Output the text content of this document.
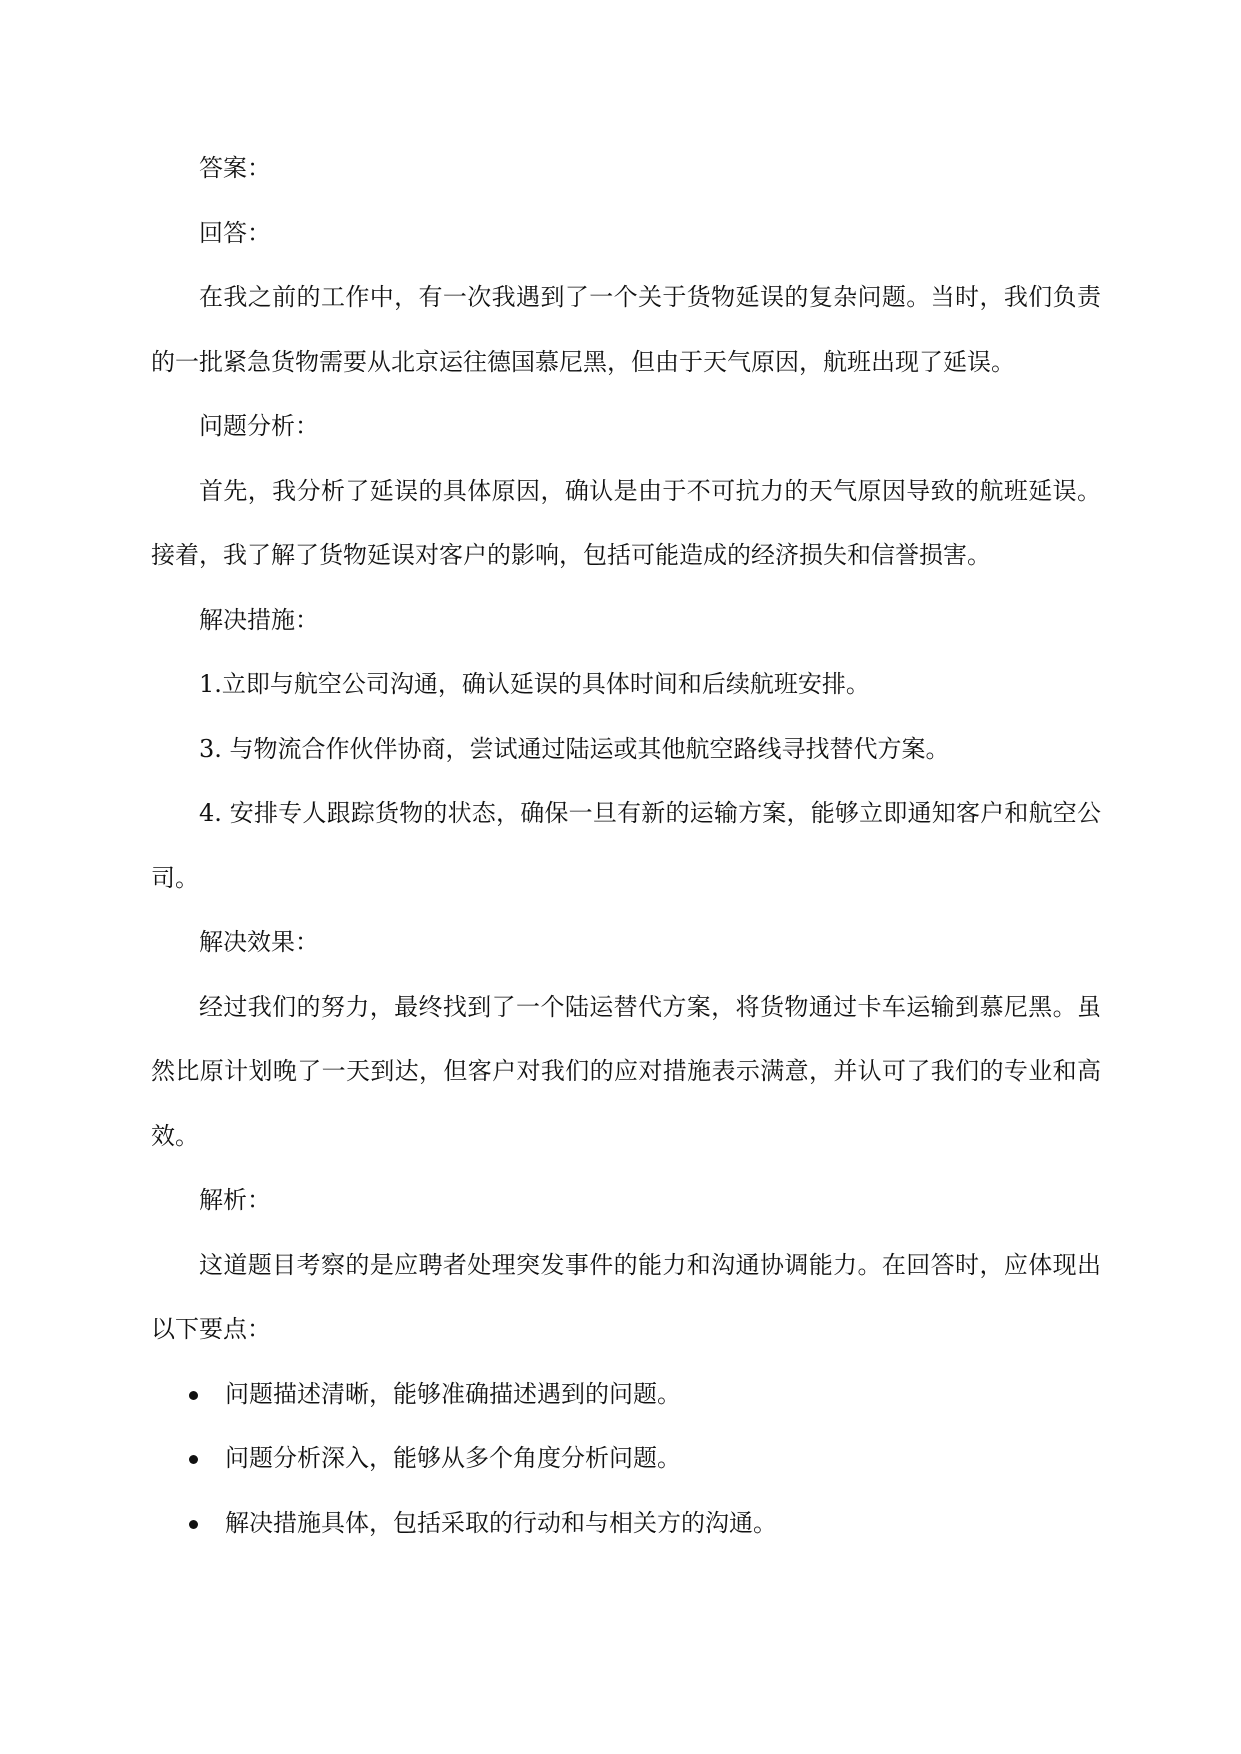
答案：

回答：

在我之前的工作中，有一次我遇到了一个关于货物延误的复杂问题。当时，我们负责的一批紧急货物需要从北京运往德国慕尼黑，但由于天气原因，航班出现了延误。

问题分析：

首先，我分析了延误的具体原因，确认是由于不可抗力的天气原因导致的航班延误。接着，我了解了货物延误对客户的影响，包括可能造成的经济损失和信誉损害。

解决措施：

1.立即与航空公司沟通，确认延误的具体时间和后续航班安排。

3. 与物流合作伙伴协商，尝试通过陆运或其他航空路线寻找替代方案。

4. 安排专人跟踪货物的状态，确保一旦有新的运输方案，能够立即通知客户和航空公司。

解决效果：

经过我们的努力，最终找到了一个陆运替代方案，将货物通过卡车运输到慕尼黑。虽然比原计划晚了一天到达，但客户对我们的应对措施表示满意，并认可了我们的专业和高效。

解析：

这道题目考察的是应聘者处理突发事件的能力和沟通协调能力。在回答时，应体现出以下要点：

问题描述清晰，能够准确描述遇到的问题。
问题分析深入，能够从多个角度分析问题。
解决措施具体，包括采取的行动和与相关方的沟通。
